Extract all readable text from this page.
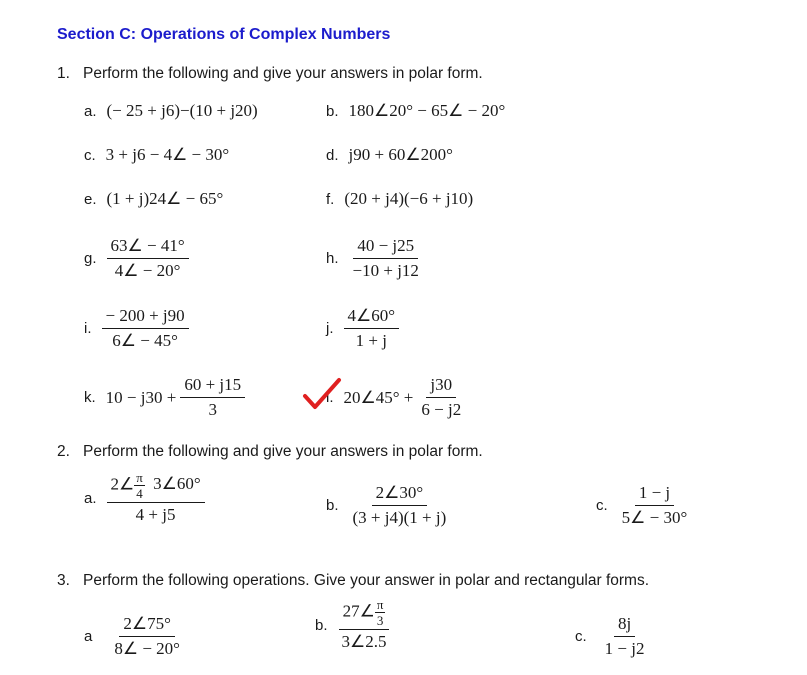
Section C: Operations of Complex Numbers
1. Perform the following and give your answers in polar form.
a. (− 25 + j6)−(10 + j20)	b. 180∠20° − 65∠ − 20°
c. 3 + j6 − 4∠ − 30°	d. j90 + 60∠200°
e. (1 + j)24∠ − 65°	f. (20 + j4)(−6 + j10)
g. $\frac{63\angle - 41^\circ}{4\angle - 20^\circ}$	h. $\frac{40 - j25}{-10 + j12}$
i. $\frac{- 200 + j90}{6\angle - 45^\circ}$	j. $\frac{4\angle 60^\circ}{1 + j}$
k. $10 - j30 + \frac{60 + j15}{3}$	l. 20∠45° + $\frac{j30}{6 - j2}$
2. Perform the following and give your answers in polar form.
a. $\frac{2\angle \frac{\pi}{4} 3\angle 60^\circ}{4 + j5}$	b. $\frac{2\angle 30^\circ}{(3 + j4)(1 + j)}$	c. $\frac{1 - j}{5\angle - 30^\circ}$
3. Perform the following operations. Give your answer in polar and rectangular forms.
a $\frac{2\angle 75^\circ}{8\angle - 20^\circ}$	b. $\frac{27\angle \frac{\pi}{3}}{3\angle 2.5}$	c. $\frac{8j}{1 - j2}$
